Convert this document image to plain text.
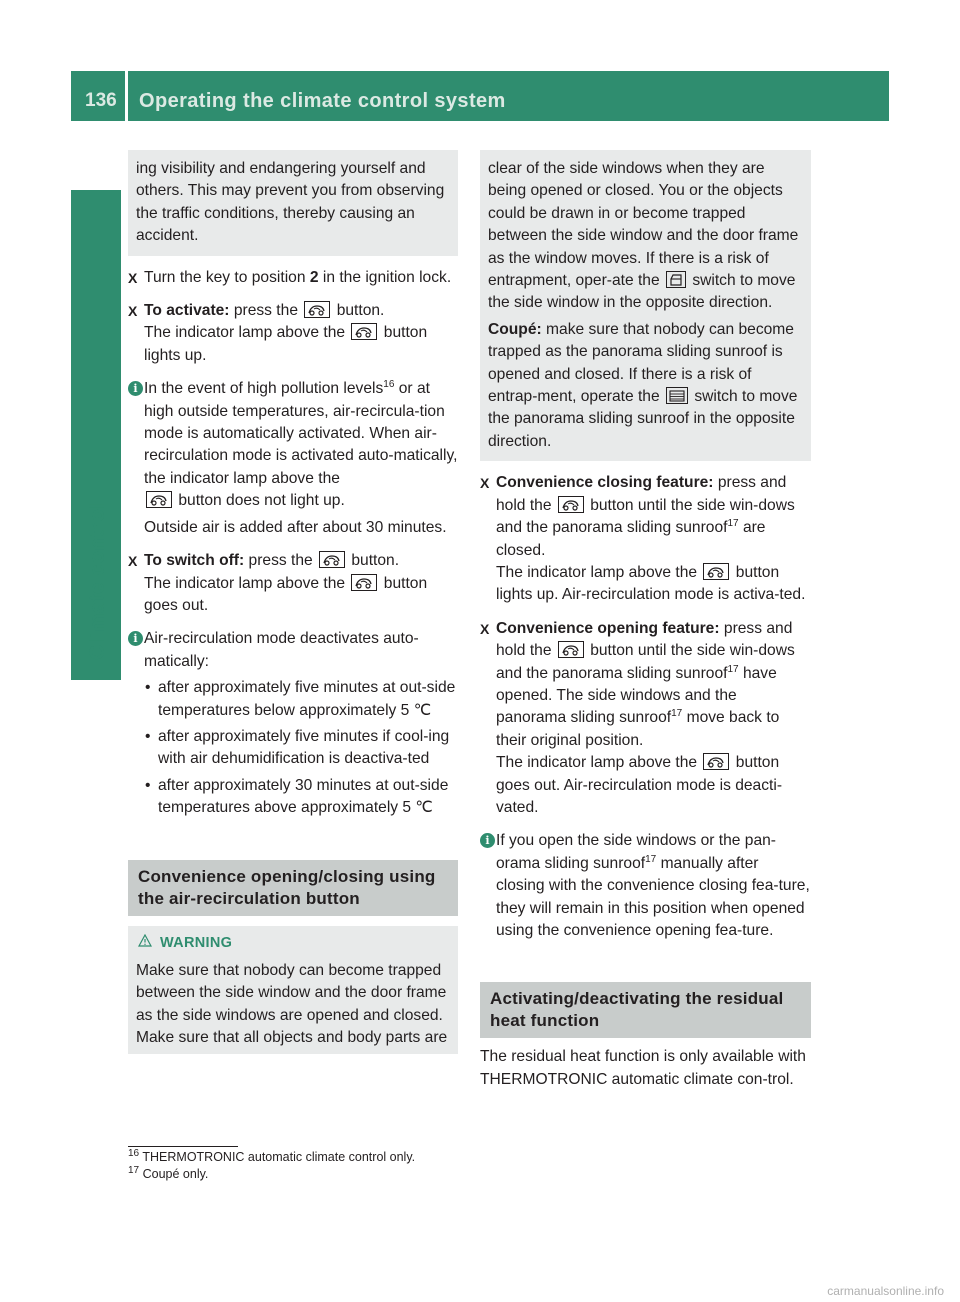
136	Operating the climate control system
Climate control

ing visibility and endangering yourself and others. This may prevent you from observing the traffic conditions, thereby causing an accident.

X Turn the key to position 2 in the ignition lock.
X To activate: press the button.
The indicator lamp above the button lights up.
i In the event of high pollution levels$^{16}$ or at high outside temperatures, air-recircula-tion mode is automatically activated. When air-recirculation mode is activated auto-matically, the indicator lamp above the

button does not light up.

Outside air is added after about 30 minutes.

X To switch off: press the button.
The indicator lamp above the button goes out.
i Air-recirculation mode deactivates auto-matically:

• after approximately five minutes at out-side temperatures below approximately 5 ℃
• after approximately five minutes if cool-ing with air dehumidification is deactiva-ted
• after approximately 30 minutes at out-side temperatures above approximately 5 ℃
Convenience opening/closing using the air-recirculation button
WARNING

Make sure that nobody can become trapped between the side window and the door frame as the side windows are opened and closed. Make sure that all objects and body parts are

clear of the side windows when they are being opened or closed. You or the objects could be drawn in or become trapped between the side window and the door frame as the window moves. If there is a risk of entrapment, oper-ate the switch to move the side window in the opposite direction.

Coupé: make sure that nobody can become trapped as the panorama sliding sunroof is opened and closed. If there is a risk of entrap-ment, operate the switch to move the panorama sliding sunroof in the opposite direction.

X Convenience closing feature: press and hold the button until the side win-dows and the panorama sliding sunroof$^{17}$ are closed.
The indicator lamp above the button lights up. Air-recirculation mode is activa-ted.
X Convenience opening feature: press and hold the button until the side win-dows and the panorama sliding sunroof$^{17}$ have opened. The side windows and the panorama sliding sunroof$^{17}$ move back to their original position.
The indicator lamp above the button goes out. Air-recirculation mode is deacti-vated.
i If you open the side windows or the pan-orama sliding sunroof$^{17}$ manually after closing with the convenience closing fea-ture, they will remain in this position when opened using the convenience opening fea-ture.

Activating/deactivating the residual heat function

The residual heat function is only available with THERMOTRONIC automatic climate con-trol.

$^{16}$ THERMOTRONIC automatic climate control only.
$^{17}$ Coupé only.
carmanualsonline.info
